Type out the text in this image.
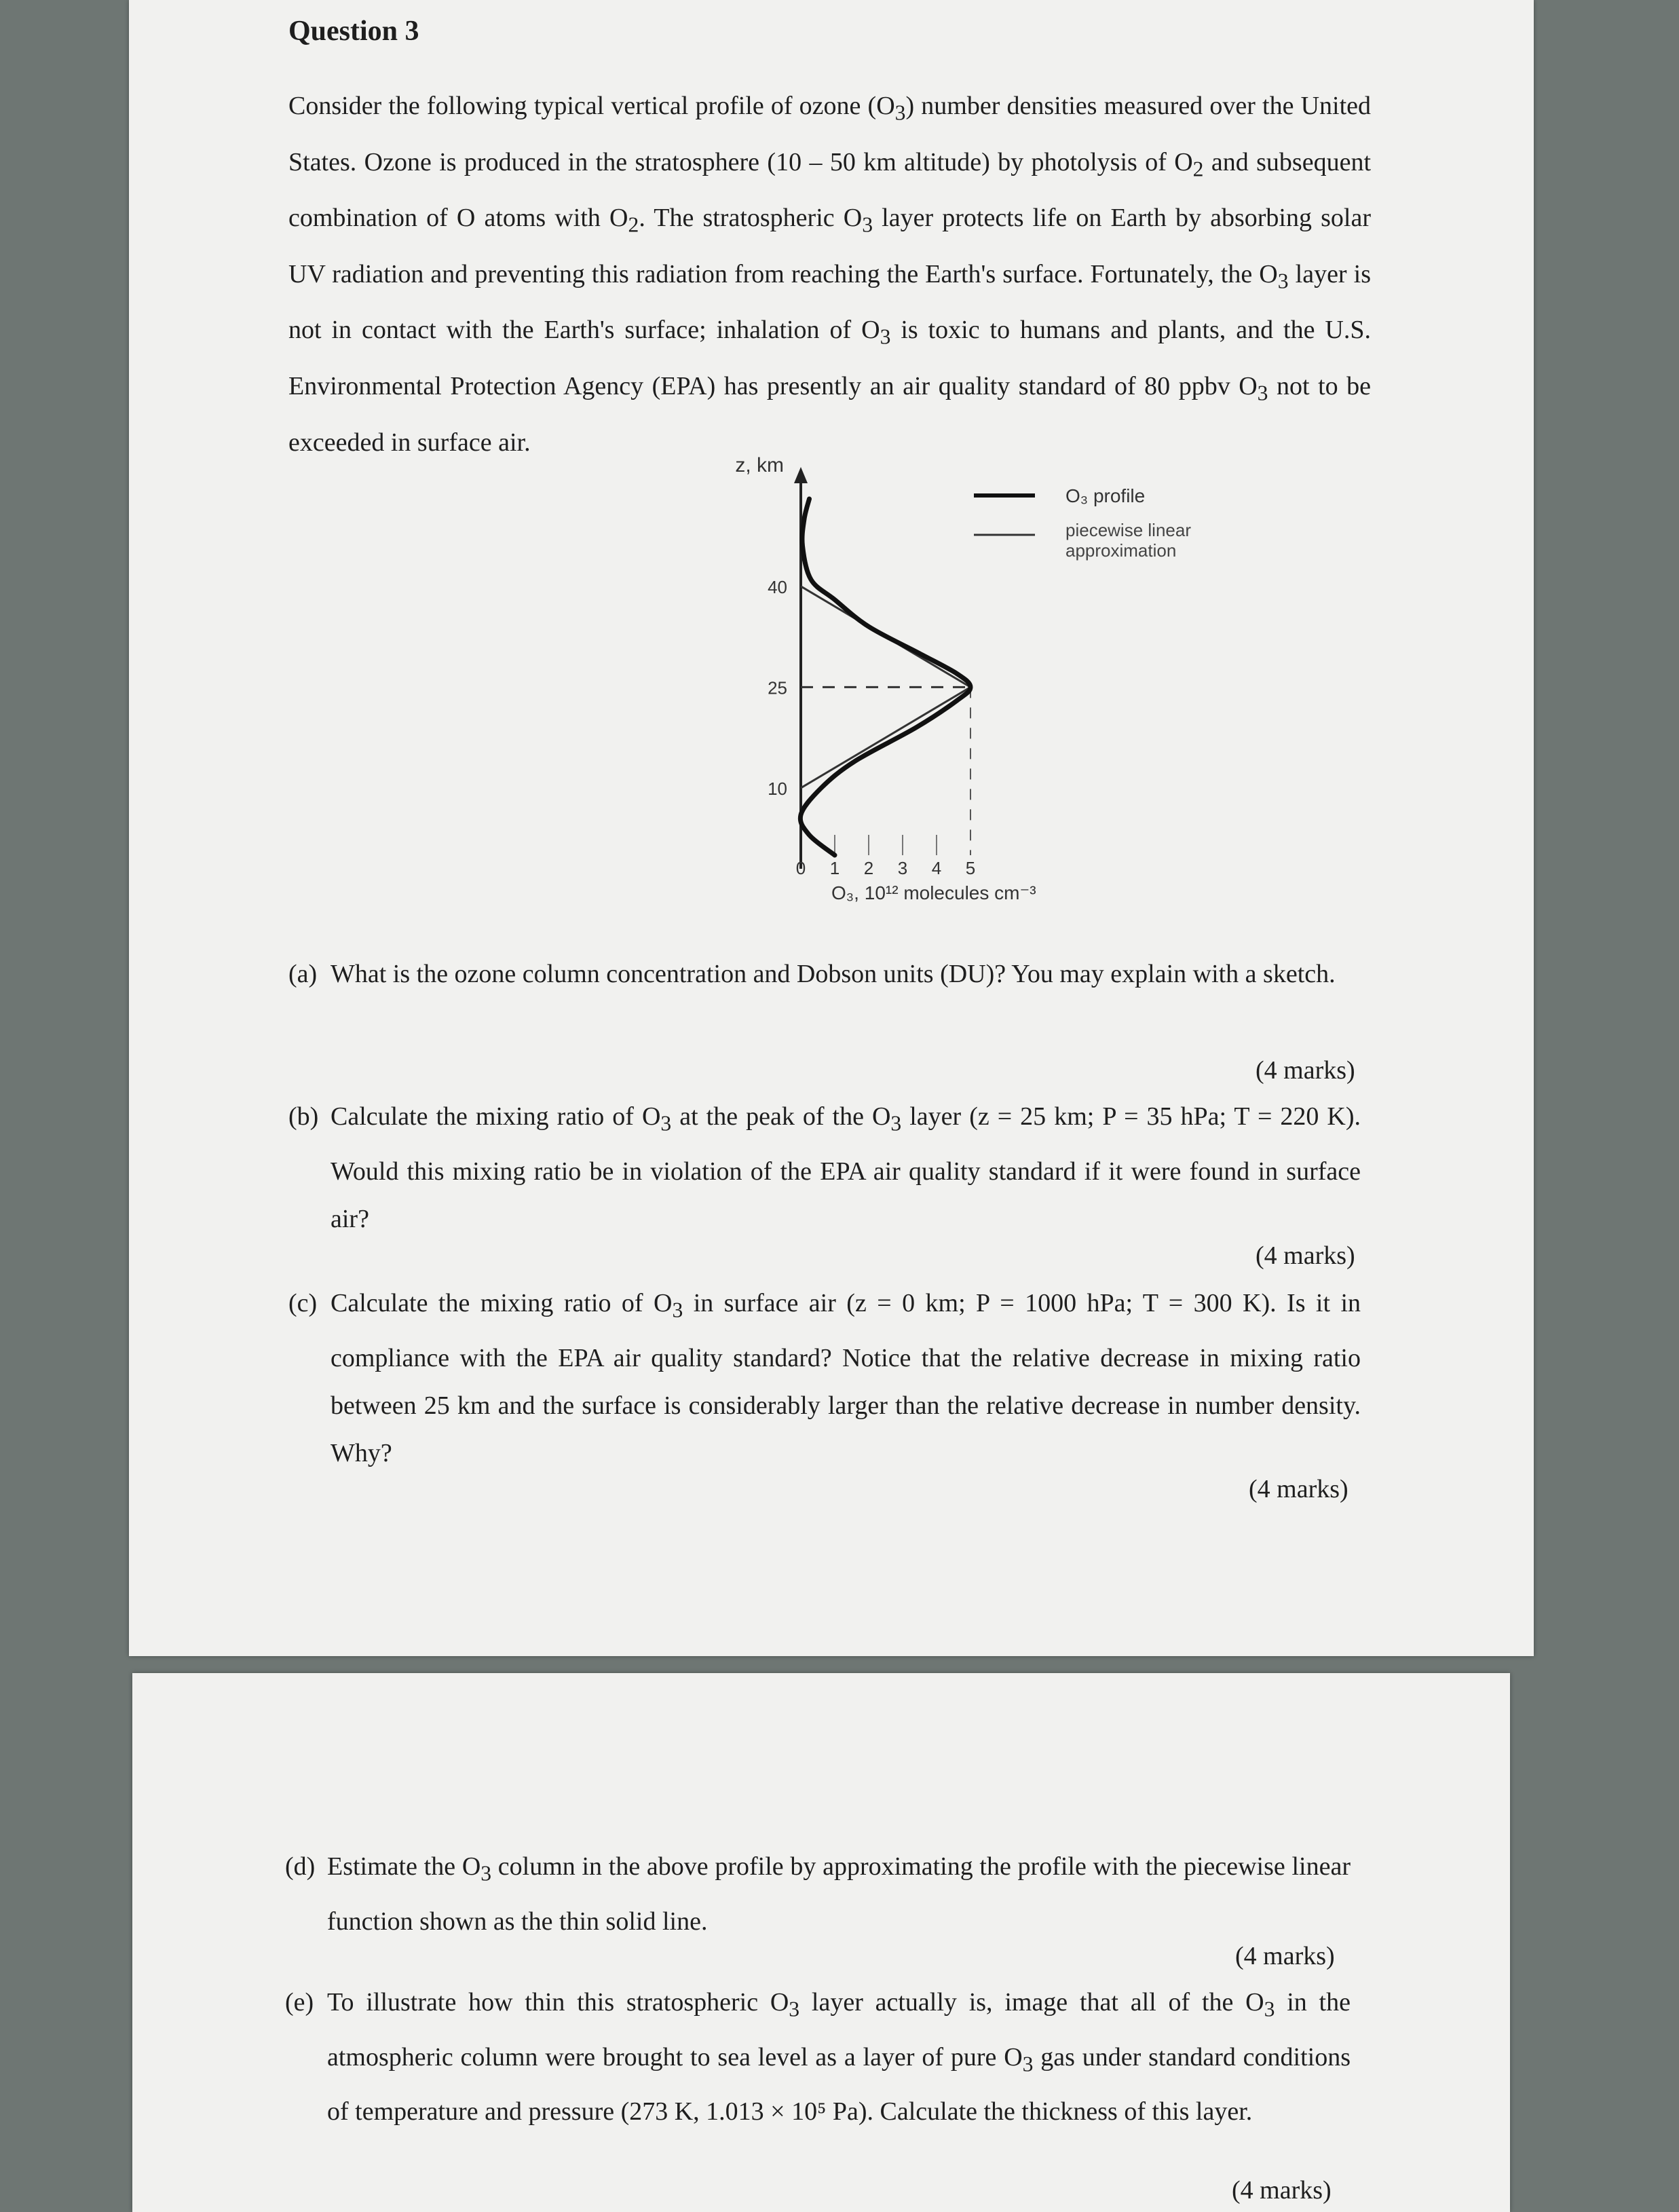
Question 3

Consider the following typical vertical profile of ozone $(O_3)$ number densities measured over the United States. Ozone is produced in the stratosphere (10 – 50 km altitude) by photolysis of $O_2$ and subsequent combination of O atoms with $O_2$. The stratospheric $O_3$ layer protects life on Earth by absorbing solar UV radiation and preventing this radiation from reaching the Earth's surface. Fortunately, the $O_3$ layer is not in contact with the Earth's surface; inhalation of $O_3$ is toxic to humans and plants, and the U.S. Environmental Protection Agency (EPA) has presently an air quality standard of 80 ppbv $O_3$ not to be exceeded in surface air.

z, km
10
25
40
0 1 2 3 4 5
O₃, 10¹² molecules cm⁻³
O₃ profile
piecewise linear approximation
(a) What is the ozone column concentration and Dobson units (DU)? You may explain with a sketch.
(4 marks)
(b) Calculate the mixing ratio of $O_3$ at the peak of the $O_3$ layer (z = 25 km; P = 35 hPa; T = 220 K). Would this mixing ratio be in violation of the EPA air quality standard if it were found in surface air?
(4 marks)
(c) Calculate the mixing ratio of $O_3$ in surface air (z = 0 km; P = 1000 hPa; T = 300 K). Is it in compliance with the EPA air quality standard? Notice that the relative decrease in mixing ratio between 25 km and the surface is considerably larger than the relative decrease in number density. Why?
(4 marks)
(d) Estimate the $O_3$ column in the above profile by approximating the profile with the piecewise linear function shown as the thin solid line.
(4 marks)
(e) To illustrate how thin this stratospheric $O_3$ layer actually is, image that all of the $O_3$ in the atmospheric column were brought to sea level as a layer of pure $O_3$ gas under standard conditions of temperature and pressure (273 K, 1.013 × 10⁵ Pa). Calculate the thickness of this layer.
(4 marks)
